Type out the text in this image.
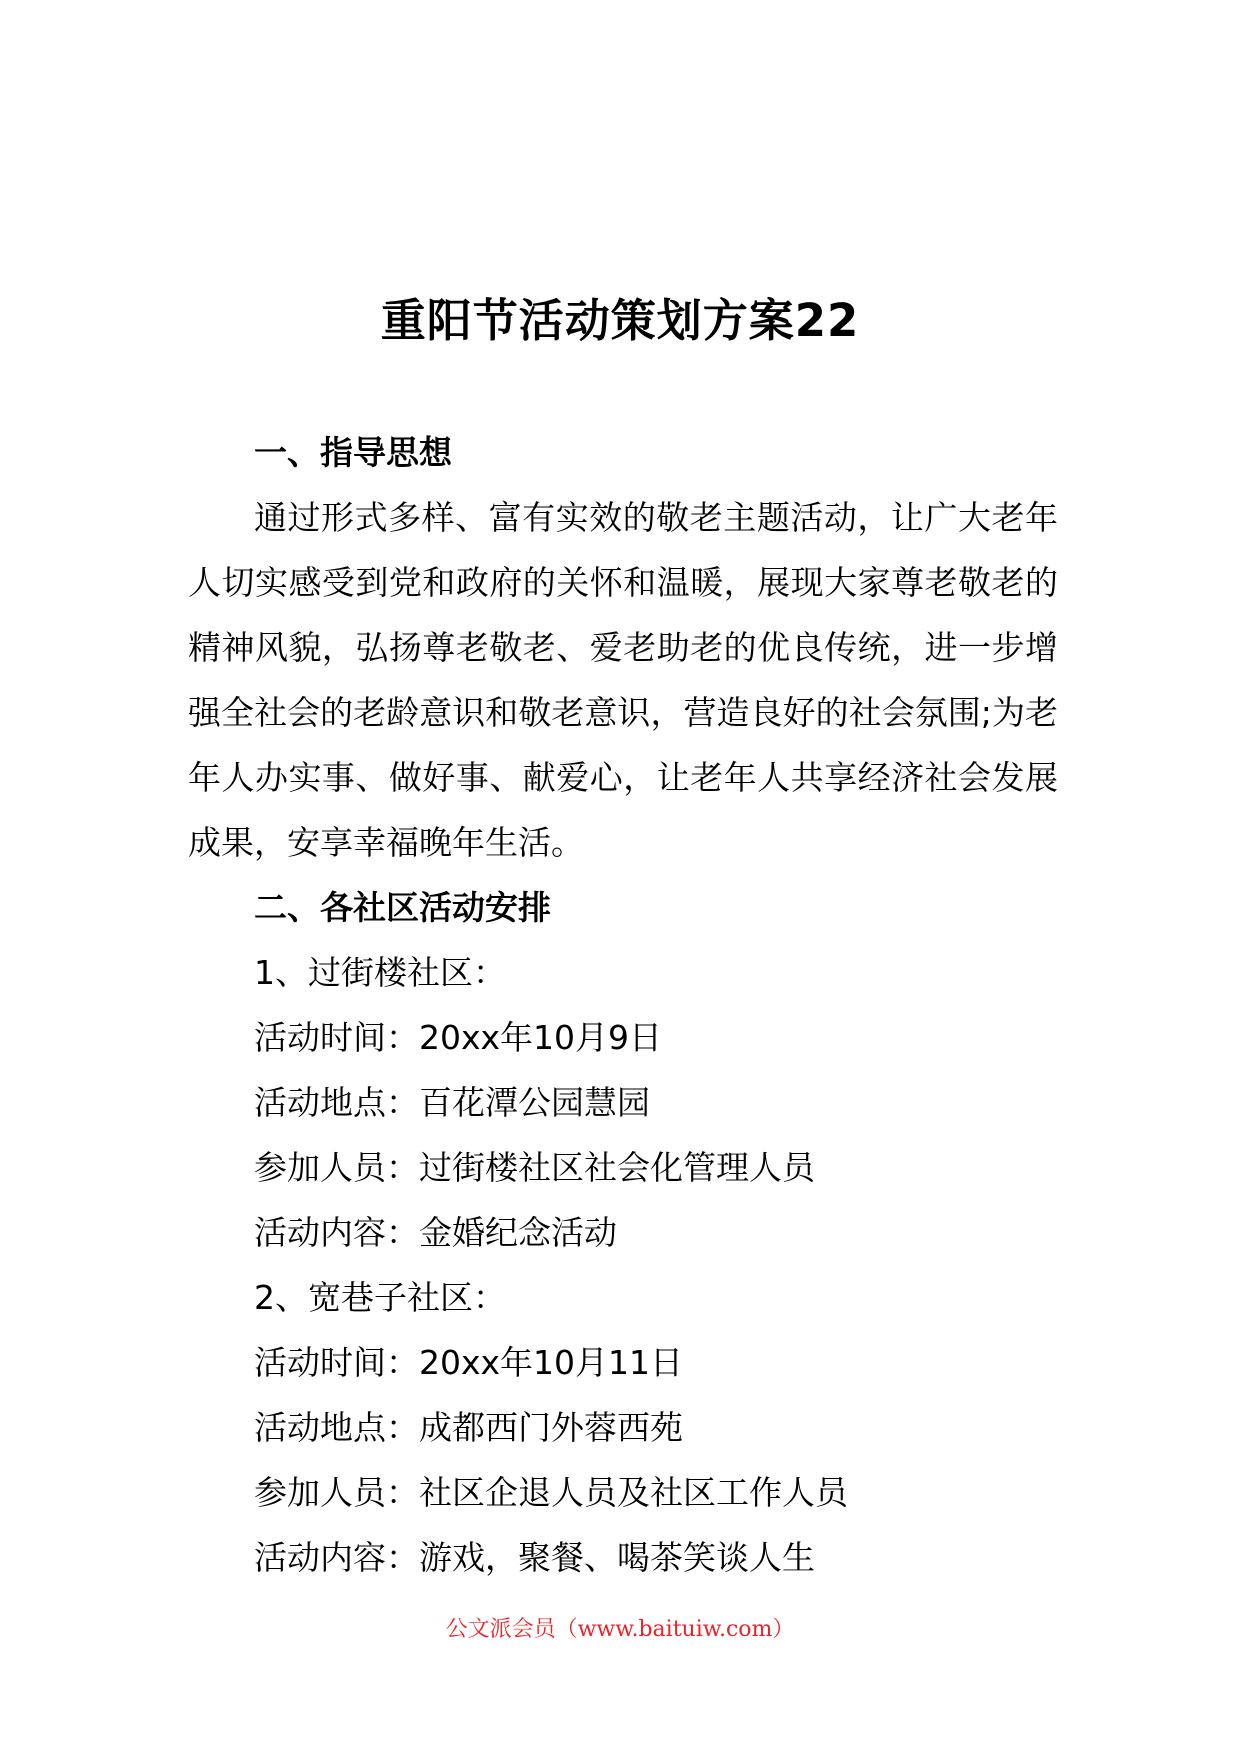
重阳节活动策划方案22

一、指导思想

通过形式多样、富有实效的敬老主题活动，让广大老年人切实感受到党和政府的关怀和温暖，展现大家尊老敬老的精神风貌，弘扬尊老敬老、爱老助老的优良传统，进一步增强全社会的老龄意识和敬老意识，营造良好的社会氛围;为老年人办实事、做好事、献爱心，让老年人共享经济社会发展成果，安享幸福晚年生活。

二、各社区活动安排

1、过街楼社区：

活动时间：20xx年10月9日

活动地点：百花潭公园慧园

参加人员：过街楼社区社会化管理人员

活动内容：金婚纪念活动

2、宽巷子社区：

活动时间：20xx年10月11日

活动地点：成都西门外蓉西苑

参加人员：社区企退人员及社区工作人员

活动内容：游戏，聚餐、喝茶笑谈人生

公文派会员（www.baituiw.com）
